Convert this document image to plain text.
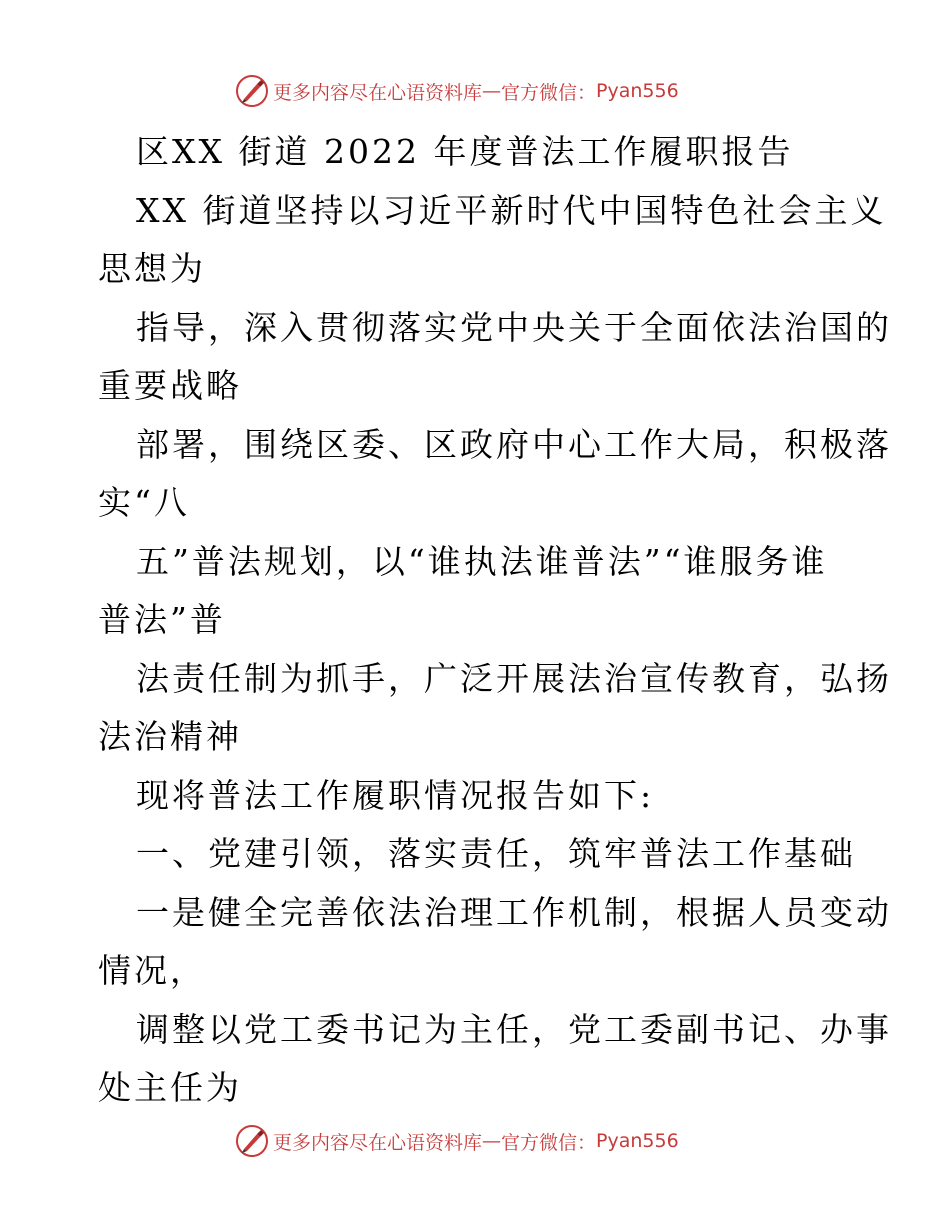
更多内容尽在心语资料库 — 官方微信： Pyan556
区XX 街道 2022 年度普法工作履职报告
XX 街道坚持以习近平新时代中国特色社会主义
思想为
指导，深入贯彻落实党中央关于全面依法治国的
重要战略
部署，围绕区委、区政府中心工作大局，积极落
实“八
五”普法规划，以“谁执法谁普法”“谁服务谁
普法”普
法责任制为抓手，广泛开展法治宣传教育，弘扬
法治精神
现将普法工作履职情况报告如下:
一、党建引领，落实责任，筑牢普法工作基础
一是健全完善依法治理工作机制，根据人员变动
情况，
调整以党工委书记为主任，党工委副书记、办事
处主任为
更多内容尽在心语资料库 — 官方微信： Pyan556
